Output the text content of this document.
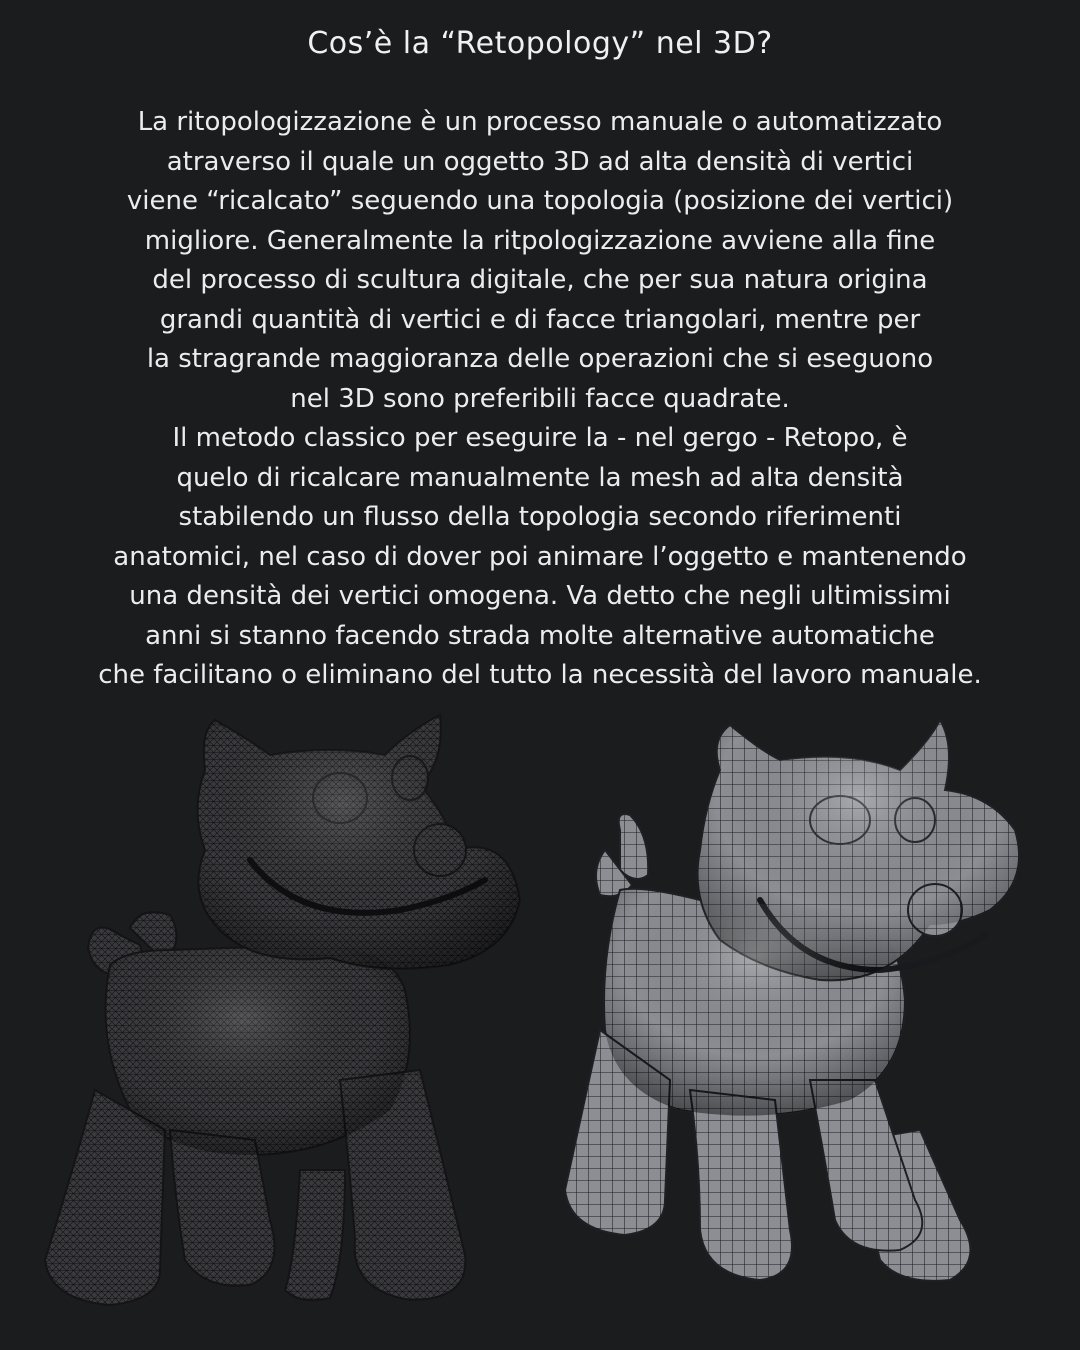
Cos’è la “Retopology” nel 3D?
La ritopologizzazione è un processo manuale o automatizzato
atraverso il quale un oggetto 3D ad alta densità di vertici
viene “ricalcato” seguendo una topologia (posizione dei vertici)
migliore. Generalmente la ritpologizzazione avviene alla fine
del processo di scultura digitale, che per sua natura origina
grandi quantità di vertici e di facce triangolari, mentre per
la stragrande maggioranza delle operazioni che si eseguono
nel 3D sono preferibili facce quadrate.
Il metodo classico per eseguire la - nel gergo - Retopo, è
quelo di ricalcare manualmente la mesh ad alta densità
stabilendo un flusso della topologia secondo riferimenti
anatomici, nel caso di dover poi animare l’oggetto e mantenendo
una densità dei vertici omogena. Va detto che negli ultimissimi
anni si stanno facendo strada molte alternative automatiche
che facilitano o eliminano del tutto la necessità del lavoro manuale.
